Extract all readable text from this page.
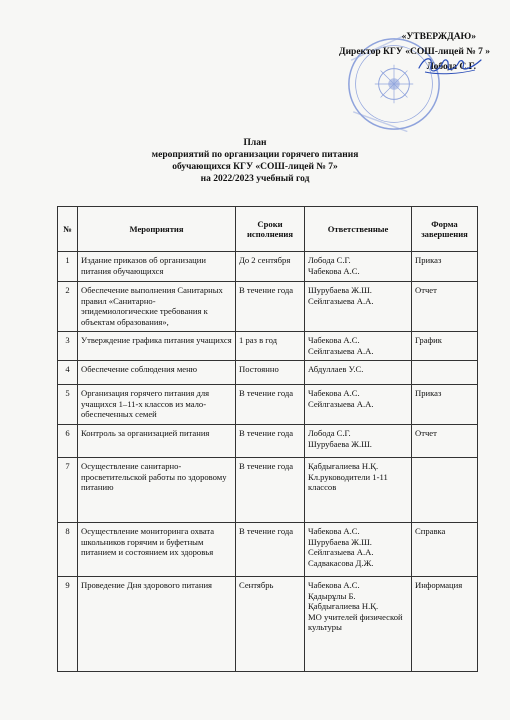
«УТВЕРЖДАЮ»
Директор КГУ «СОШ-лицей № 7 »
Лобода С.Г.
План
мероприятий по организации горячего питания
обучающихся КГУ «СОШ-лицей № 7»
на 2022/2023 учебный год
№	Мероприятия	Сроки исполнения	Ответственные	Форма завершения
1	Издание приказов об организации питания обучающихся	До 2 сентября	Лобода С.Г.
Чабекова А.С.	Приказ
2	Обеспечение выполнения Санитарных правил «Санитарно-эпидемиологические требования к объектам образования»,	В течение года	Шурубаева Ж.Ш.
Сейлгазыева А.А.	Отчет
3	Утверждение графика питания учащихся	1 раз в год	Чабекова А.С.
Сейлгазыева А.А.	График
4	Обеспечение соблюдения меню	Постоянно	Абдуллаев У.С.	

5	Организация горячего питания для учащихся 1–11-х классов из мало-обеспеченных семей	В течение года	Чабекова А.С.
Сейлгазыева А.А.	Приказ
6	Контроль за организацией питания	В течение года	Лобода С.Г.
Шурубаева Ж.Ш.	Отчет
7	Осуществление санитарно-просветительской работы по здоровому питанию	В течение года	Қабдығалиева Н.Қ.
Кл.руководители 1-11 классов	

8	Осуществление мониторинга охвата школьников горячим и буфетным питанием и состоянием их здоровья	В течение года	Чабекова А.С.
Шурубаева Ж.Ш.
Сейлгазыева А.А.
Садвакасова Д.Ж.	Справка
9	Проведение Дня здорового питания	Сентябрь	Чабекова А.С.
Қадырұлы Б.
Қабдығалиева Н.Қ.
МО учителей физической культуры	Информация
